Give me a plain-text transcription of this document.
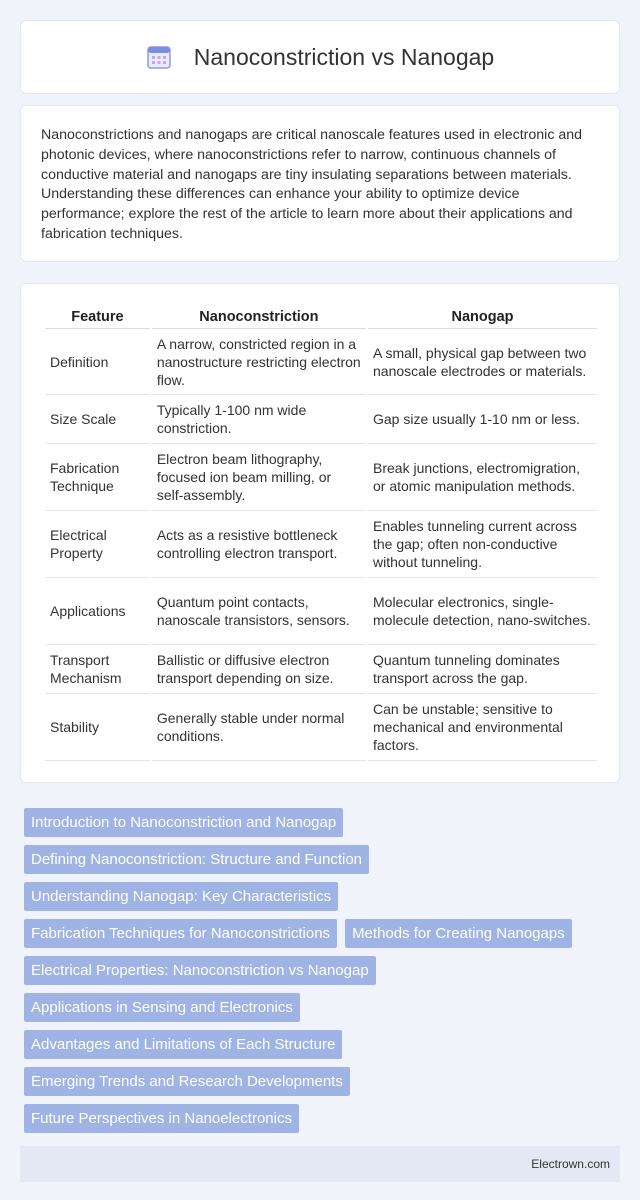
Nanoconstriction vs Nanogap

Nanoconstrictions and nanogaps are critical nanoscale features used in electronic and photonic devices, where nanoconstrictions refer to narrow, continuous channels of conductive material and nanogaps are tiny insulating separations between materials. Understanding these differences can enhance your ability to optimize device performance; explore the rest of the article to learn more about their applications and fabrication techniques.

Feature	Nanoconstriction	Nanogap
Definition	A narrow, constricted region in a nanostructure restricting electron flow.	A small, physical gap between two nanoscale electrodes or materials.
Size Scale	Typically 1-100 nm wide constriction.	Gap size usually 1-10 nm or less.
Fabrication Technique	Electron beam lithography, focused ion beam milling, or self-assembly.	Break junctions, electromigration, or atomic manipulation methods.
Electrical Property	Acts as a resistive bottleneck controlling electron transport.	Enables tunneling current across the gap; often non-conductive without tunneling.
Applications	Quantum point contacts, nanoscale transistors, sensors.	Molecular electronics, single-molecule detection, nano-switches.
Transport Mechanism	Ballistic or diffusive electron transport depending on size.	Quantum tunneling dominates transport across the gap.
Stability	Generally stable under normal conditions.	Can be unstable; sensitive to mechanical and environmental factors.
Introduction to Nanoconstriction and Nanogap
Defining Nanoconstriction: Structure and Function
Understanding Nanogap: Key Characteristics
Fabrication Techniques for Nanoconstrictions	Methods for Creating Nanogaps
Electrical Properties: Nanoconstriction vs Nanogap
Applications in Sensing and Electronics
Advantages and Limitations of Each Structure
Emerging Trends and Research Developments
Future Perspectives in Nanoelectronics
Electrown.com
